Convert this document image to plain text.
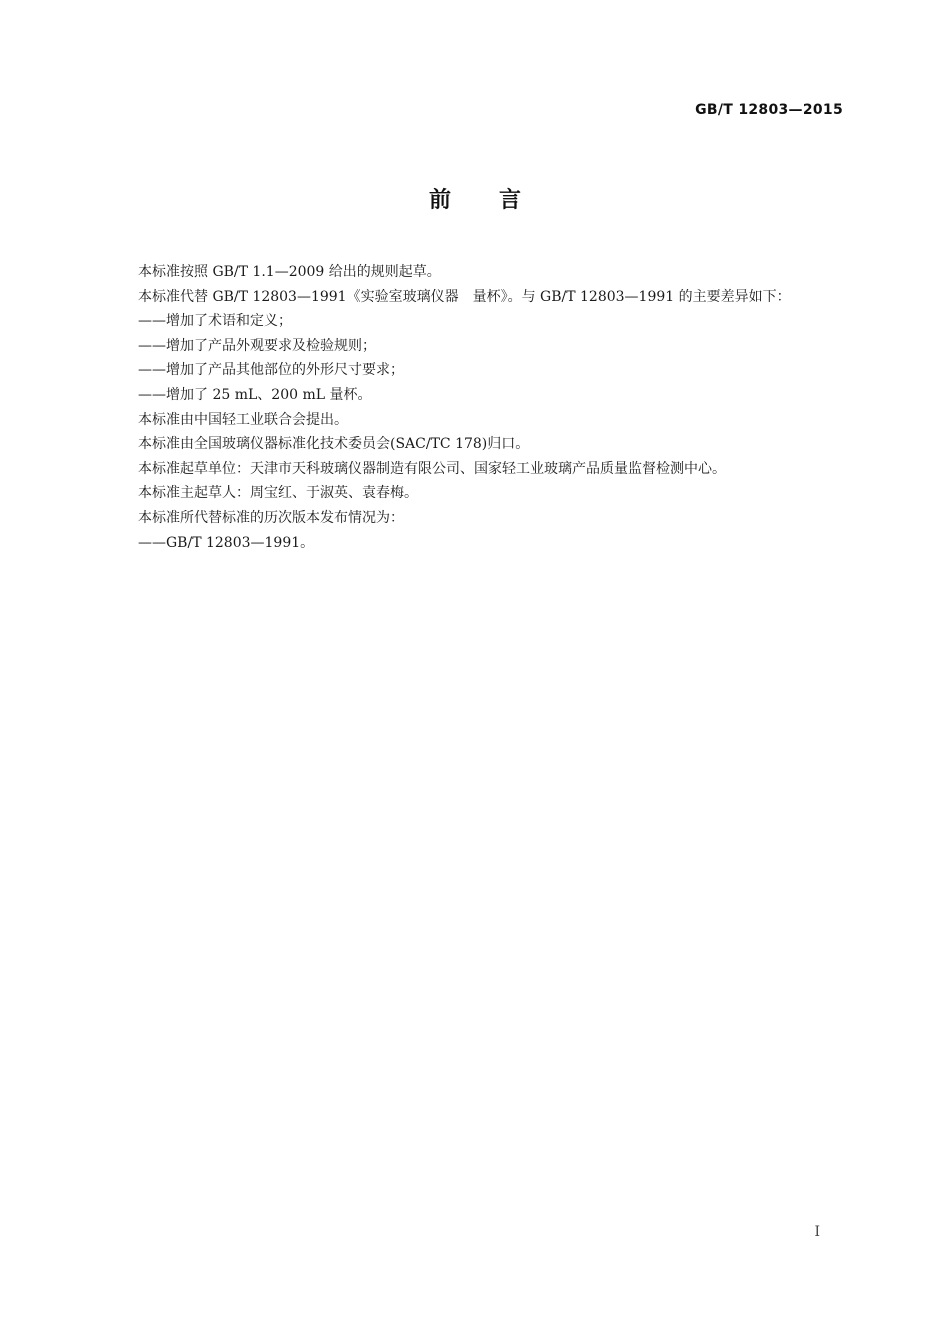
GB/T 12803—2015
前言

本标准按照 GB/T 1.1—2009 给出的规则起草。

本标准代替 GB/T 12803—1991《实验室玻璃仪器　量杯》。与 GB/T 12803—1991 的主要差异如下：

——增加了术语和定义；

——增加了产品外观要求及检验规则；

——增加了产品其他部位的外形尺寸要求；

——增加了 25 mL、200 mL 量杯。

本标准由中国轻工业联合会提出。

本标准由全国玻璃仪器标准化技术委员会(SAC/TC 178)归口。

本标准起草单位：天津市天科玻璃仪器制造有限公司、国家轻工业玻璃产品质量监督检测中心。

本标准主起草人：周宝红、于淑英、袁春梅。

本标准所代替标准的历次版本发布情况为：

——GB/T 12803—1991。

I
